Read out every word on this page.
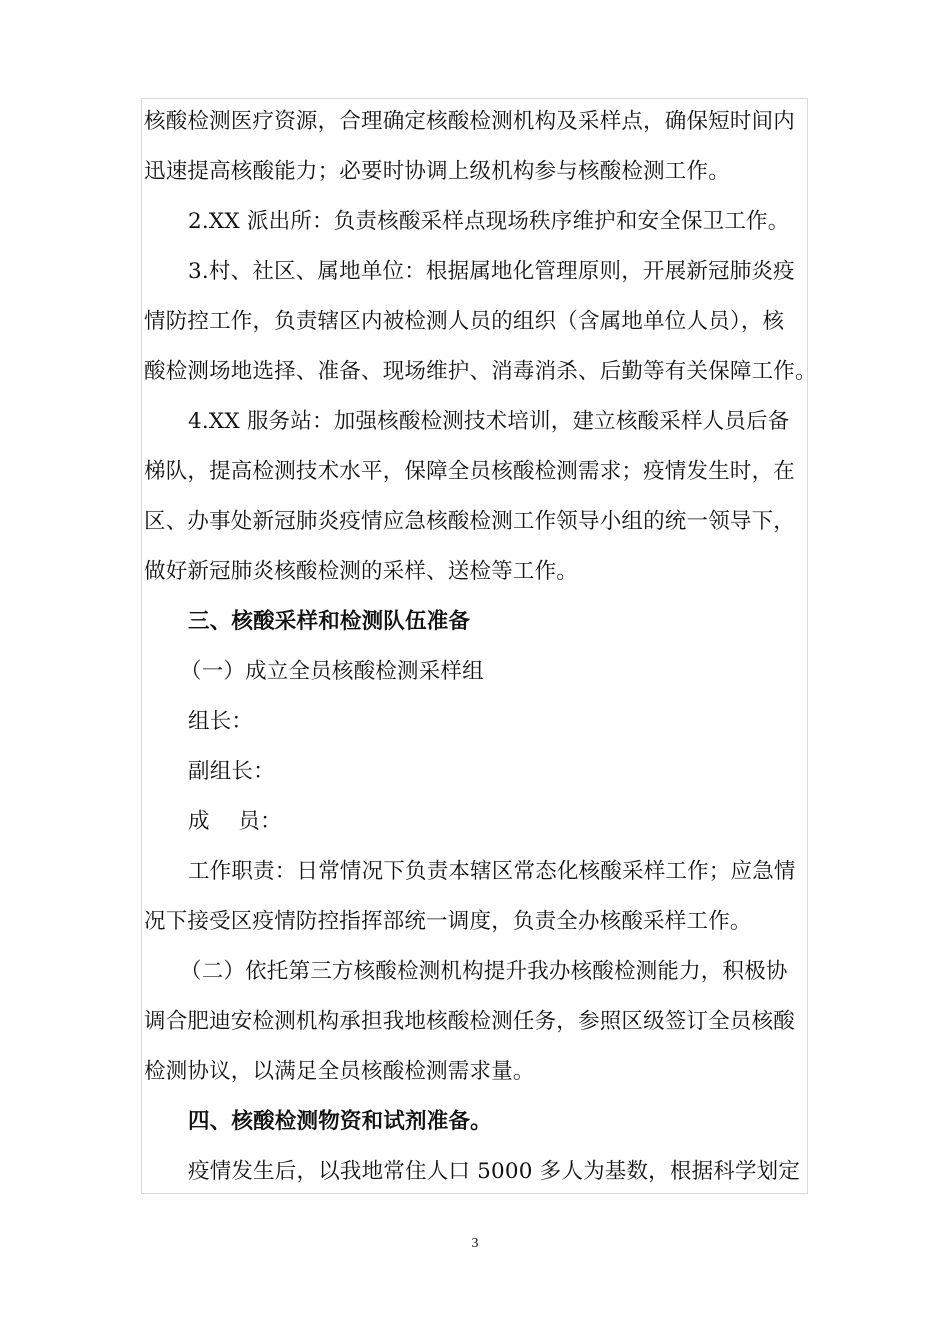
核酸检测医疗资源，合理确定核酸检测机构及采样点，确保短时间内
迅速提高核酸能力；必要时协调上级机构参与核酸检测工作。
2.XX 派出所：负责核酸采样点现场秩序维护和安全保卫工作。
3.村、社区、属地单位：根据属地化管理原则，开展新冠肺炎疫
情防控工作，负责辖区内被检测人员的组织（含属地单位人员），核
酸检测场地选择、准备、现场维护、消毒消杀、后勤等有关保障工作。
4.XX 服务站：加强核酸检测技术培训，建立核酸采样人员后备
梯队，提高检测技术水平，保障全员核酸检测需求；疫情发生时，在
区、办事处新冠肺炎疫情应急核酸检测工作领导小组的统一领导下，
做好新冠肺炎核酸检测的采样、送检等工作。
三、核酸采样和检测队伍准备
（一）成立全员核酸检测采样组
组长：
副组长：
成　 员：
工作职责：日常情况下负责本辖区常态化核酸采样工作；应急情
况下接受区疫情防控指挥部统一调度，负责全办核酸采样工作。
（二）依托第三方核酸检测机构提升我办核酸检测能力，积极协
调合肥迪安检测机构承担我地核酸检测任务，参照区级签订全员核酸
检测协议，以满足全员核酸检测需求量。
四、核酸检测物资和试剂准备。
疫情发生后，以我地常住人口 5000 多人为基数，根据科学划定
3
